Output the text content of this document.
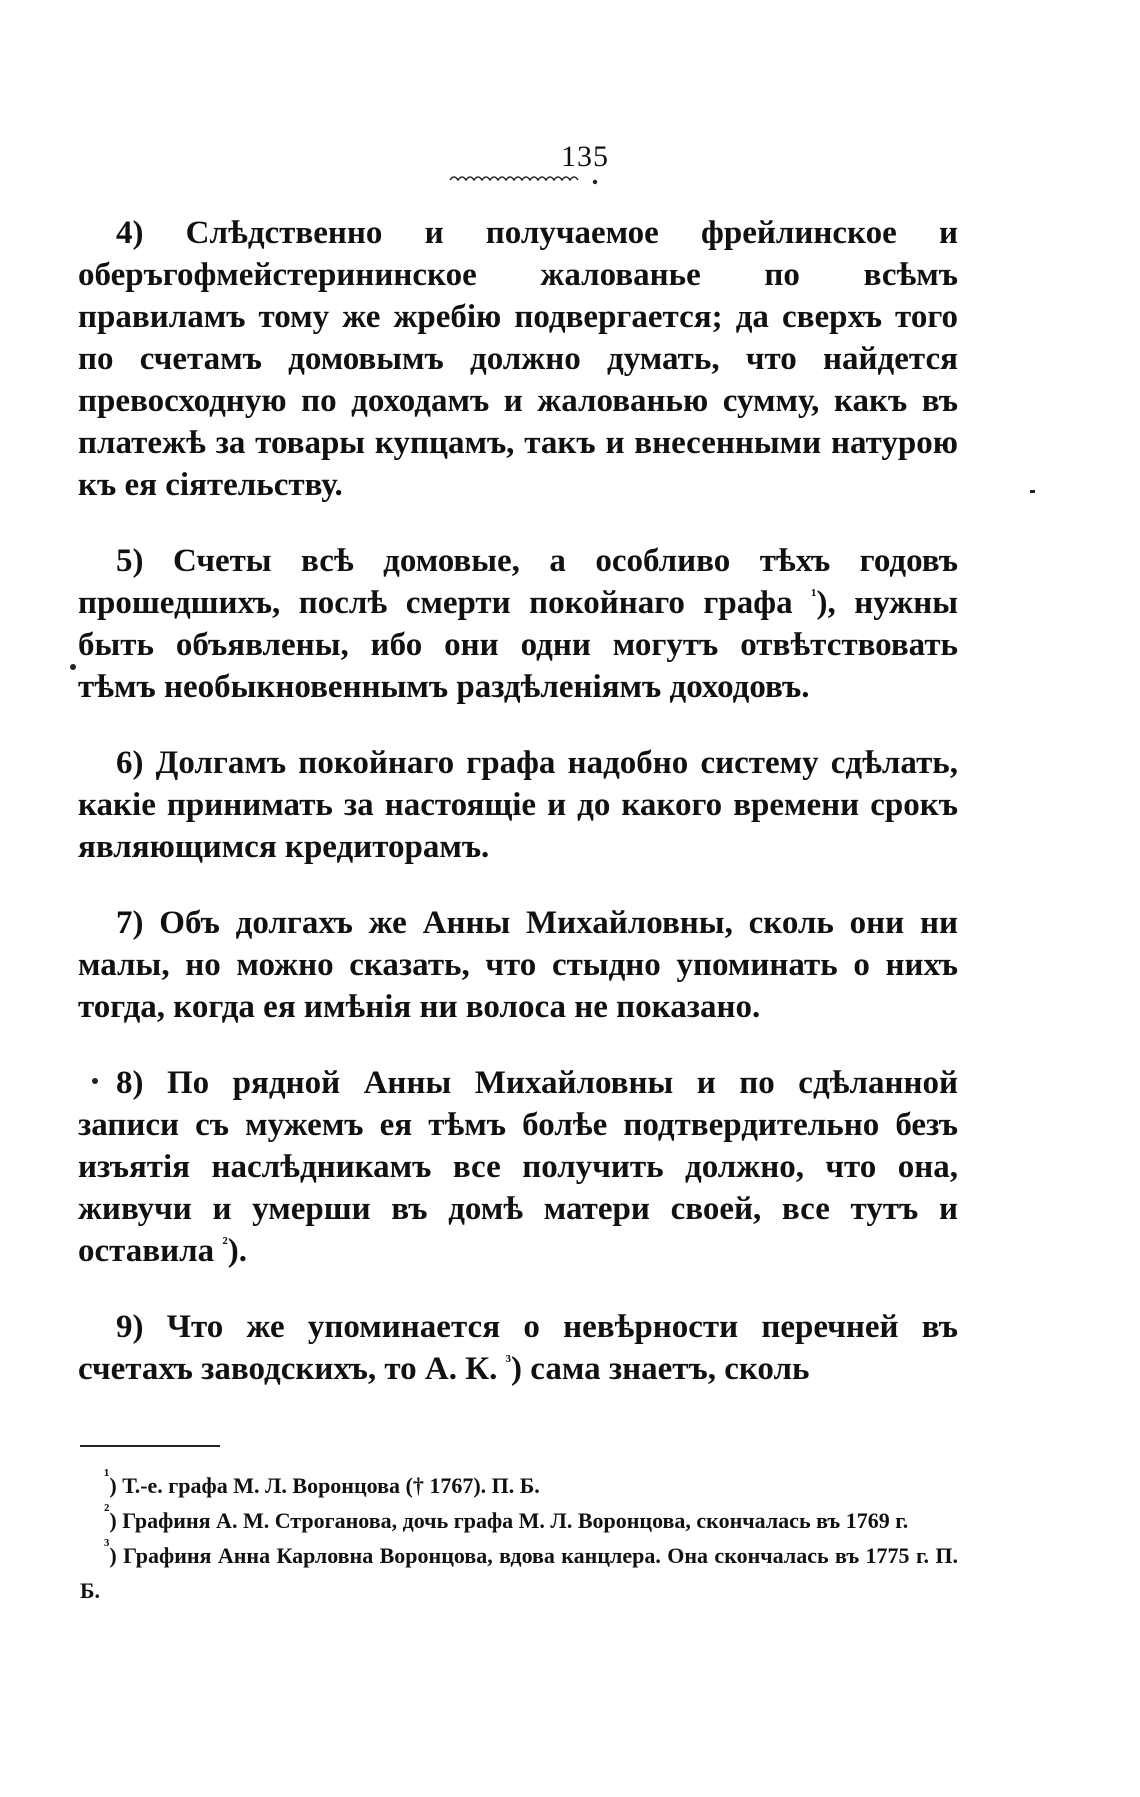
135

4) Слѣдственно и получаемое фрейлинское и оберъгофмейстерининское жалованье по всѣмъ правиламъ тому же жребію подвергается; да сверхъ того по счетамъ домовымъ должно думать, что найдется превосходную по доходамъ и жалованью сумму, какъ въ платежѣ за товары купцамъ, такъ и внесенными натурою къ ея сіятельству.

5) Счеты всѣ домовые, а особливо тѣхъ годовъ прошедшихъ, послѣ смерти покойнаго графа $^{^1}$), нужны быть объявлены, ибо они одни могутъ отвѣтствовать тѣмъ необыкновеннымъ раздѣленіямъ доходовъ.

6) Долгамъ покойнаго графа надобно систему сдѣлать, какіе принимать за настоящіе и до какого времени срокъ являющимся кредиторамъ.

7) Объ долгахъ же Анны Михайловны, сколь они ни малы, но можно сказать, что стыдно упоминать о нихъ тогда, когда ея имѣнія ни волоса не показано.

8) По рядной Анны Михайловны и по сдѣланной записи съ мужемъ ея тѣмъ болѣе подтвердительно безъ изъятія наслѣдникамъ все получить должно, что она, живучи и умерши въ домѣ матери своей, все тутъ и оставила $^{^2}$).

9) Что же упоминается о невѣрности перечней въ счетахъ заводскихъ, то А. К. $^{^3}$) сама знаетъ, сколь

$^{^1}$) Т.-е. графа М. Л. Воронцова († 1767). П. Б.

$^{^2}$) Графиня А. М. Строганова, дочь графа М. Л. Воронцова, скончалась въ 1769 г.

$^{^3}$) Графиня Анна Карловна Воронцова, вдова канцлера. Она скончалась въ 1775 г. П. Б.
